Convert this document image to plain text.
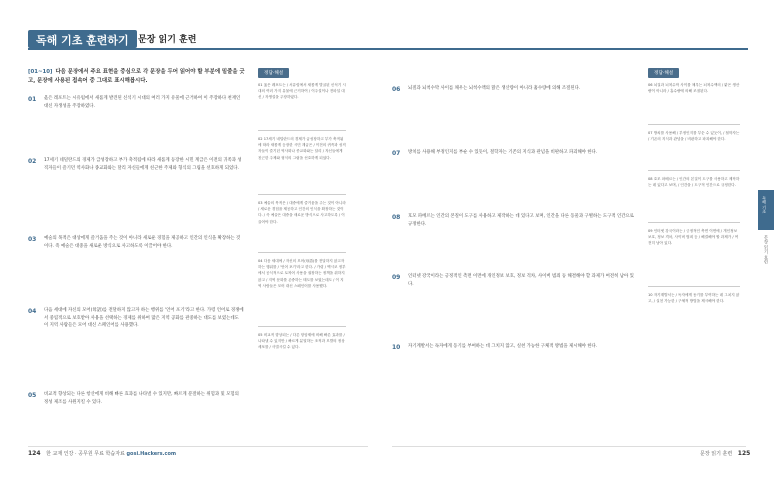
독해 기초 훈련하기	문장 읽기 훈련
[01~10] 다음 문장에서 주요 표현을 중심으로 각 문장을 두어 읽어야 할 부분에 밑줄을 긋고, 문장에 사용된 접속어 중 그대로 표시해봅시다.
01 옳은 레포트는 시유럽에서 새롭게 발견된 신석기 시대의 여러 가지 유물에 근거하여 이 주장하다 천재인 대신 자생성을 주장하였다.
02 17세기 네덜란드의 경제가 급성장하고 부가 축적됨에 따라 새롭게 등장한 시민 계급은 이전의 귀족과 성직자들이 즐기던 역사화나 종교화와는 달리 자신들에게 친근한 주제와 형식의 그림을 선호하게 되었다.
03 예술의 목적은 대상에게 즐거움을 주는 것이 아니라 새로운 경험을 제공하고 인간의 인식을 확장하는 것이다. 즉 예술은 대중을 새로운 방식으로 사고하도록 이끌어야 한다.
04 다음 세대에 자신의 모어(母語)를 전달하지 않고자 하는 행위를 '언어 포기'라고 한다. 가령 언어로 경쟁에서 중립적으로 보호받아 사용을 선택하는 경제를 위하여 많은 지역 공화를 관중하는 대도를 보였는데도 이 지역 사람들은 모어 대신 스페인어를 사용했다.
05 비교적 향상되는 다른 항산에게 비해 빠른 효과를 나타낼 수 있지만, 빠르게 분절하는 위험과 및 모험의 정성 제조를 사원지킬 수 있다.
정답·해설
01 옳은 레포트는 / 서유럽에서 새롭게 발굴된 신석기 시대의 여러 가지 유물에 근거하여 / 이주설이나 전파설 대신 / 자생설을 주장하였다.
02 17세기 네덜란드의 경제가 급성장하고 부가 축적됨에 따라 새롭게 등장한 시민 계급은 / 이전의 귀족과 성직자들이 즐기던 역사화나 종교화와는 달리 / 자신들에게 친근한 주제와 형식의 그림을 선호하게 되었다.
03 예술의 목적은 / 대중에게 즐거움을 주는 것이 아니라 / 새로운 경험을 제공하고 인간의 인식을 확장하는 것이다. / 즉 예술은 대중을 새로운 방식으로 사고하도록 / 이끌어야 한다.
04 다음 세대에 / 자신의 모어(母語)를 전달하지 않고자 하는 행위를 / '언어 포기'라고 한다. / 가령 / 멕시코 정부에서 공식적으로 토착어 사용을 권장하는 정책을 취하지 않고 / 지역 문화를 존중하는 태도를 보였는데도 / 이 지역 사람들은 모어 대신 스페인어를 사용했다.
05 비교적 향상되는 / 다른 항암제에 비해 빠른 효과를 / 나타낼 수 있지만 / 빠르게 분열하는 조직과 모발의 정상 세포를 / 사멸시킬 수 있다.
06 뇌질과 뇌척수막 사이를 채우는 뇌척수액의 맑은 생산량이 아니라 흡수량에 의해 조절된다.
07 방치를 사용해 부정인지를 부순 수 있듯이, 철학자는 기존의 지식과 관념을 비판하고 파괴해야 한다.
08 호모 파베르는 인간의 본질이 도구를 사용하고 제작하는 데 있다고 보며, 인간을 다른 동물과 구별하는 도구적 인간으로 규정한다.
09 인터넷 강국이라는 긍정적인 측면 이면에 개인정보 보호, 정보 격차, 사이버 범죄 등 해결해야 할 과제가 여전히 남아 있다.
10 자기계발서는 독자에게 동기를 부여하는 데 그치지 않고, 실천 가능한 구체적 방법을 제시해야 한다.
정답·해설
06 뇌질과 뇌척수막 사이를 채우는 뇌척수액의 / 맑은 생산량이 아니라 / 흡수량에 의해 조절된다.
07 방치를 사용해 / 부정인지를 부순 수 있듯이, / 철학자는 / 기존의 지식과 관념을 / 비판하고 파괴해야 한다.
08 호모 파베르는 / 인간의 본질이 도구를 사용하고 제작하는 데 있다고 보며, / 인간을 / 도구적 인간으로 규정한다.
09 인터넷 강국이라는 / 긍정적인 측면 이면에 / 개인정보 보호, 정보 격차, 사이버 범죄 등 / 해결해야 할 과제가 / 여전히 남아 있다.
10 자기계발서는 / 독자에게 동기를 부여하는 데 그치지 않고, / 실천 가능한 / 구체적 방법을 제시해야 한다.
독해 기초
문장 읽기 훈련
124 한 교재 인강 · 공무원 무료 학습자료 gosi.Hackers.com	문장 읽기 훈련 125
